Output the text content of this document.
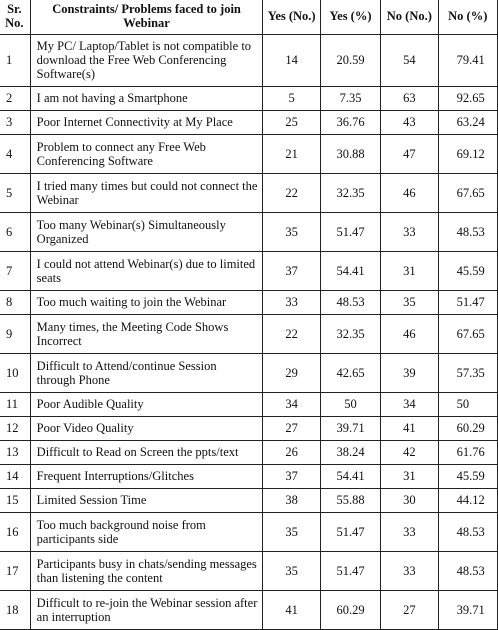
Sr. No.	Constraints/ Problems faced to join Webinar	Yes (No.)	Yes (%)	No (No.)	No (%)
1	My PC/ Laptop/Tablet is not compatible to download the Free Web Conferencing Software(s)	14	20.59	54	79.41
2	I am not having a Smartphone	5	7.35	63	92.65
3	Poor Internet Connectivity at My Place	25	36.76	43	63.24
4	Problem to connect any Free Web Conferencing Software	21	30.88	47	69.12
5	I tried many times but could not connect the Webinar	22	32.35	46	67.65
6	Too many Webinar(s) Simultaneously Organized	35	51.47	33	48.53
7	I could not attend Webinar(s) due to limited seats	37	54.41	31	45.59
8	Too much waiting to join the Webinar	33	48.53	35	51.47
9	Many times, the Meeting Code Shows Incorrect	22	32.35	46	67.65
10	Difficult to Attend/continue Session through Phone	29	42.65	39	57.35
11	Poor Audible Quality	34	50	34	50
12	Poor Video Quality	27	39.71	41	60.29
13	Difficult to Read on Screen the ppts/text	26	38.24	42	61.76
14	Frequent Interruptions/Glitches	37	54.41	31	45.59
15	Limited Session Time	38	55.88	30	44.12
16	Too much background noise from participants side	35	51.47	33	48.53
17	Participants busy in chats/sending messages than listening the content	35	51.47	33	48.53
18	Difficult to re-join the Webinar session after an interruption	41	60.29	27	39.71
